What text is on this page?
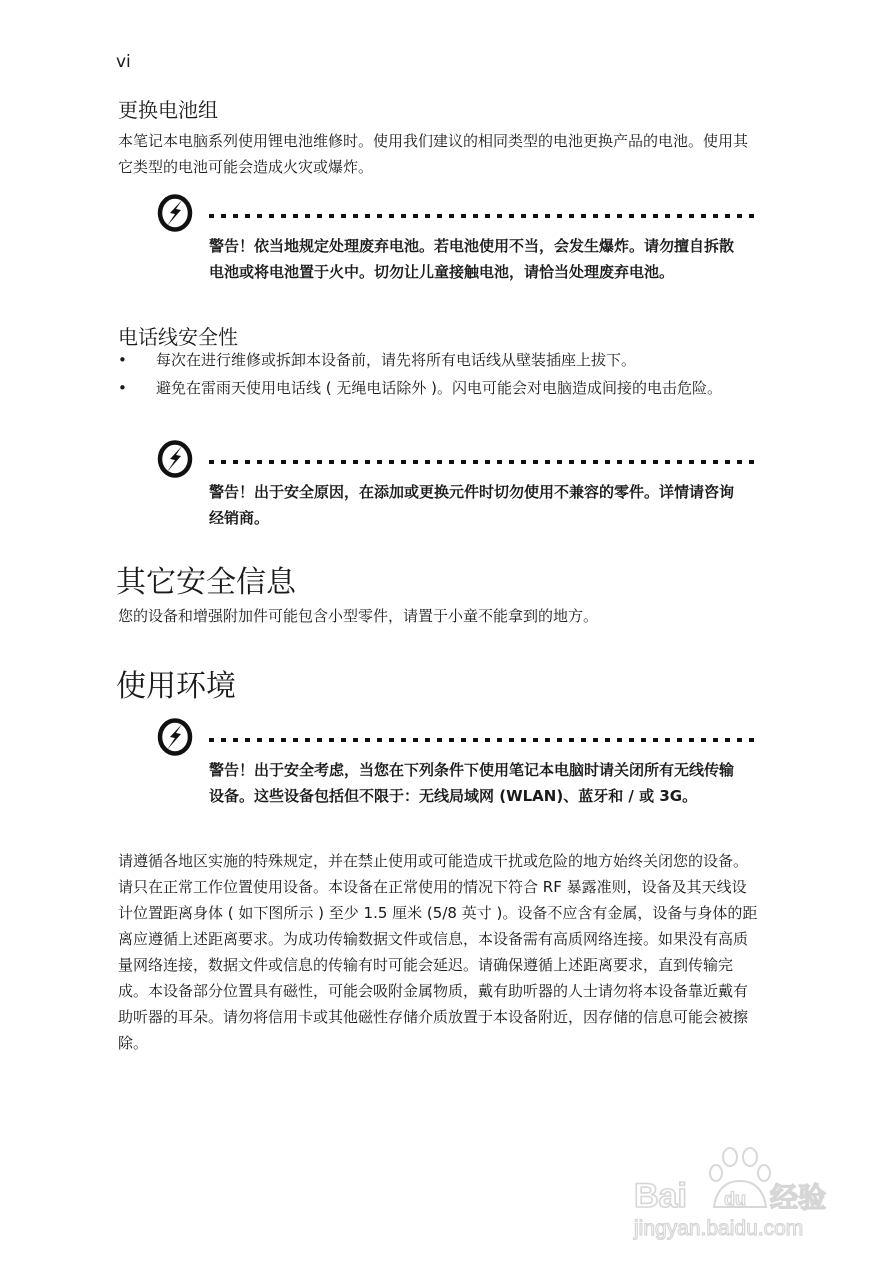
vi
更换电池组

本笔记本电脑系列使用锂电池维修时。使用我们建议的相同类型的电池更换产品的电池。使用其它类型的电池可能会造成火灾或爆炸。

警告！依当地规定处理废弃电池。若电池使用不当，会发生爆炸。请勿擅自拆散电池或将电池置于火中。切勿让儿童接触电池，请恰当处理废弃电池。

电话线安全性
• 每次在进行维修或拆卸本设备前，请先将所有电话线从壁装插座上拔下。
• 避免在雷雨天使用电话线 ( 无绳电话除外 )。闪电可能会对电脑造成间接的电击危险。

警告！出于安全原因，在添加或更换元件时切勿使用不兼容的零件。详情请咨询经销商。

其它安全信息

您的设备和增强附加件可能包含小型零件，请置于小童不能拿到的地方。

使用环境

警告！出于安全考虑，当您在下列条件下使用笔记本电脑时请关闭所有无线传输设备。这些设备包括但不限于：无线局域网 (WLAN)、蓝牙和 / 或 3G。

请遵循各地区实施的特殊规定，并在禁止使用或可能造成干扰或危险的地方始终关闭您的设备。请只在正常工作位置使用设备。本设备在正常使用的情况下符合 RF 暴露准则，设备及其天线设计位置距离身体 ( 如下图所示 ) 至少 1.5 厘米 (5/8 英寸 )。设备不应含有金属，设备与身体的距离应遵循上述距离要求。为成功传输数据文件或信息，本设备需有高质网络连接。如果没有高质量网络连接，数据文件或信息的传输有时可能会延迟。请确保遵循上述距离要求，直到传输完成。本设备部分位置具有磁性，可能会吸附金属物质，戴有助听器的人士请勿将本设备靠近戴有助听器的耳朵。请勿将信用卡或其他磁性存储介质放置于本设备附近，因存储的信息可能会被擦除。

Bai du 经验
jingyan.baidu.com
